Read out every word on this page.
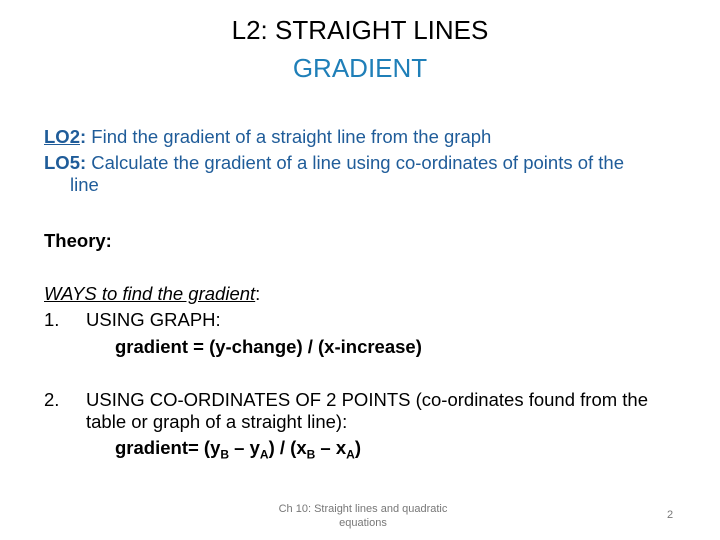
L2: STRAIGHT LINES
GRADIENT
LO2: Find the gradient of a straight line from the graph
LO5: Calculate the gradient of a line using co-ordinates of points of the
line
Theory:
WAYS to find the gradient:
1. USING GRAPH:
gradient = (y-change) / (x-increase)
2. USING CO-ORDINATES OF 2 POINTS (co-ordinates found from the
table or graph of a straight line):
gradient= $(y_B - y_A) / (x_B - x_A)$
Ch 10: Straight lines and quadratic
equations
2
